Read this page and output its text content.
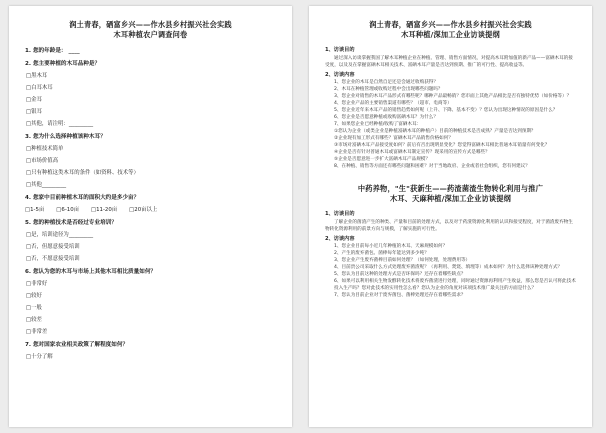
润土青春，硒富乡兴——作水县乡村振兴社会实践
木耳种植农户调查问卷
1. 您的年龄是： ____
2. 您主要种植的木耳品种是？
□黑木耳
□白耳木耳
□金耳
□银耳
□其他，请注明：_________
3. 您为什么选择种植该种木耳？
□种植技术简单
□市场价值高
□只有种植这类木耳的条件（如资料、技术等）
□其他_________
4. 您家中目前种植木耳的面积大约是多少亩？
□1-5亩 □6-10亩 □11-20亩 □20亩以上
5. 您的种植技术是否经过专业培训？
□是，培训途径为_________
□否，但愿意接受培训
□否，不愿意接受培训
6. 您认为您的木耳与市场上其他木耳相比质量如何？
□非常好
□较好
□一般
□较差
□非常差
7. 您对国家农业相关政策了解程度如何？
□十分了解
润土青春，硒富乡兴——作水县乡村振兴社会实践
木耳种植/深加工企业访谈提纲
1、访谈目的
通过深入访谈掌握我国了解木耳种植企业在种植、管理、销售方面情况，对提高木耳附加值的新产品——富硒木耳的接受度，以及及在掌握富硒木耳相关技术、富硒木耳产量是否达到预期、推广的可行性、提高收益等。
2、访谈内容
1、您企业的木耳是自然自足还是会通过收购获得？
2、木耳在种植管理或收购过程中会出现哪些问题吗？
3、您企业对销售的木耳产品形式有哪些呢？哪种产品最畅销？您市面上其他产品相比是否有独特优势（如价格等）？
4、您企业产品的主要销售渠道有哪些？（超市、电商等）
5、您企业近年来木耳产品的销售趋势如何呢（上升、下降、基本不变）？您认为出现这种情况的原因是什么？
6、您企业是否愿意种植或收购富硒木耳？为什么？
7、如果您企业已经种植/收购了富硒木耳：
①您认为企业（或类企业是种植富硒木耳的种植户）目前的种植技术是否成熟？产量是否达到预期？
②企业现有加工形式有哪些？富硒木耳产品销售价格如何？
③市场对富硒木耳产品接受度如何？前后有否出现明显变化？您觉得富硒木耳相比普通木耳销量有何变化？
④企业是否有针对普通木耳或富硒木耳制定宣传？现采用的宣传方式是哪些？
⑤企业是否愿意进一步扩大富硒木耳产品规模？
8、在种植、销售等方面还有哪些问题和困难？对于当地政府、企业或者社会组织，您有何建议？
中药养物，"生"获新生——药渣菌渣生物转化利用与推广
木耳、天麻种植/深加工企业访谈提纲
1、访谈目的
了解企业的菌渣产生的种类、产量和目前的处理方式，以及对于药渣资源化利用的认识和接受程度，对于菌渣废弃物生物转化资源利用的前景方向与规模，了解实施的可行性。
2、访谈内容
1、您企业目前每小近几年种植的木耳、天麻规模如何？
2、产生的废弃菌包、菌棒每年能达到多少吨？
3、您企业产生废弃菌棒目前如何处理？（如何处理，处理费用等）
4、目前贵公司采取什么方式处理废弃菌渣呢？（再利用、焚烧、填埋等）成本如何？为什么选择该种处理方式？
5、您认为目前这种的处理方式是否环保吗？还存在着哪些缺点？
6、如果可以利用相关生物发酵转化技术将废弃菌渣进行处理，同时通过资源再利用产生收益，那么您是否认可将此技术投入生产吗？您对此技术的实用性怎么看？您认为企业的角度对该项技术推广最关注的方面是什么？
7、您认为目前企业对于废弃菌包、菌棒处理还存在着哪些需求？
